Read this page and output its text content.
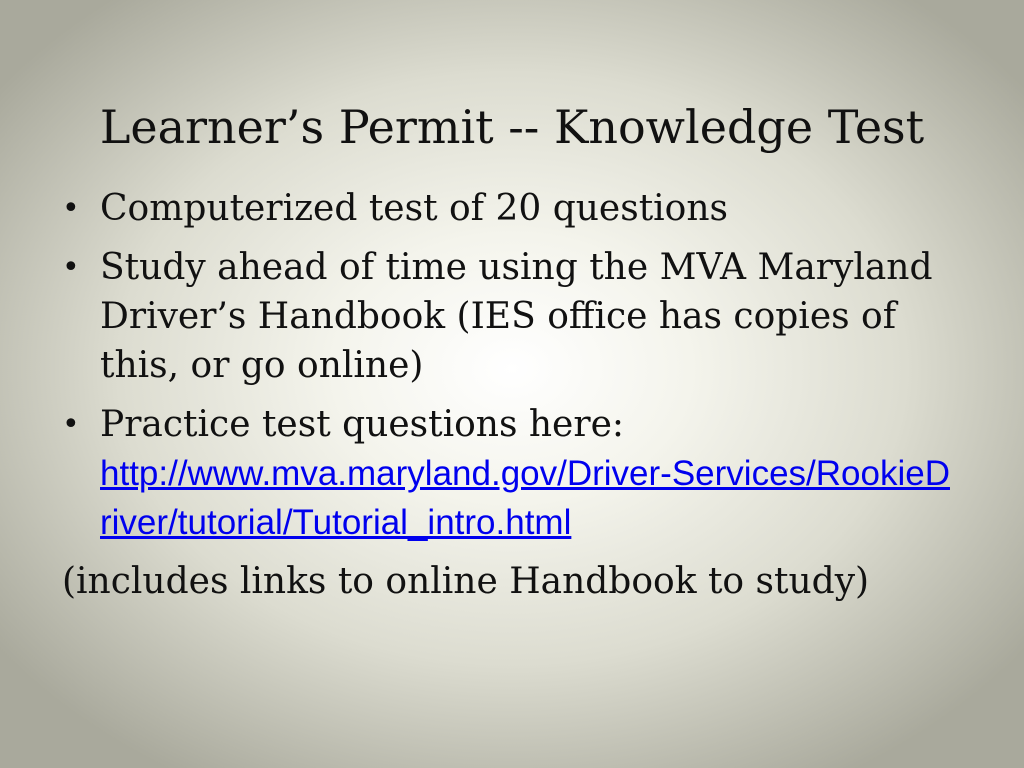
Learner’s Permit -- Knowledge Test
• Computerized test of 20 questions
• Study ahead of time using the MVA Maryland Driver’s Handbook (IES office has copies of this, or go online)
• Practice test questions here:
http://www.mva.maryland.gov/Driver-Services/RookieDriver/tutorial/Tutorial_intro.html
(includes links to online Handbook to study)
